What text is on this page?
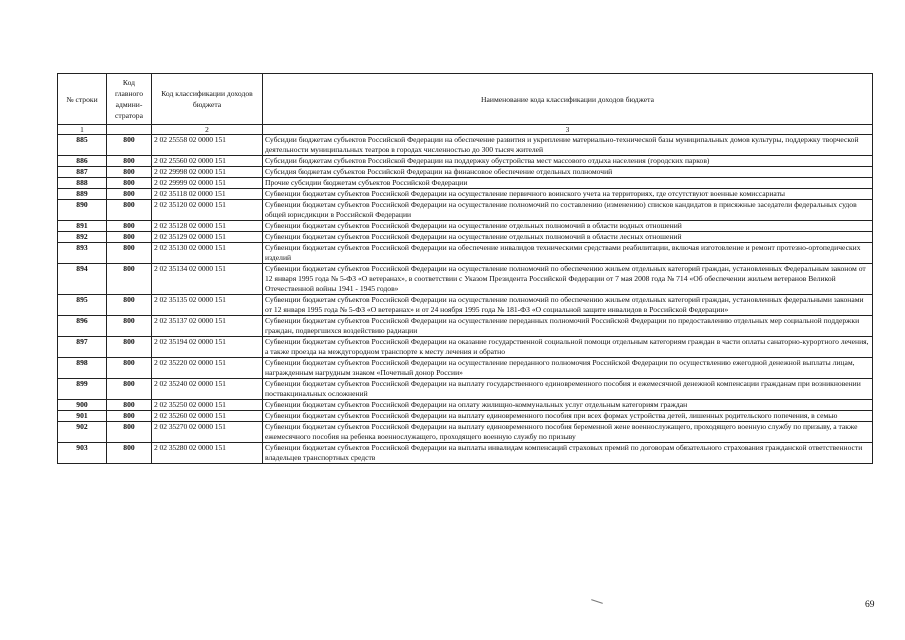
№ строки	Код главного админи- стратора	Код классификации доходов бюджета	Наименование кода классификации доходов бюджета
1		2	3
885	800	2 02 25558 02 0000 151	Субсидии бюджетам субъектов Российской Федерации на обеспечение развития и укрепление материально-технической базы муниципальных домов культуры, поддержку творческой деятельности муниципальных театров в городах численностью до 300 тысяч жителей
886	800	2 02 25560 02 0000 151	Субсидии бюджетам субъектов Российской Федерации на поддержку обустройства мест массового отдыха населения (городских парков)
887	800	2 02 29998 02 0000 151	Субсидия бюджетам субъектов Российской Федерации на финансовое обеспечение отдельных полномочий
888	800	2 02 29999 02 0000 151	Прочие субсидии бюджетам субъектов Российской Федерации
889	800	2 02 35118 02 0000 151	Субвенции бюджетам субъектов Российской Федерации на осуществление первичного воинского учета на территориях, где отсутствуют военные комиссариаты
890	800	2 02 35120 02 0000 151	Субвенции бюджетам субъектов Российской Федерации на осуществление полномочий по составлению (изменению) списков кандидатов в присяжные заседатели федеральных судов общей юрисдикции в Российской Федерации
891	800	2 02 35128 02 0000 151	Субвенции бюджетам субъектов Российской Федерации на осуществление отдельных полномочий в области водных отношений
892	800	2 02 35129 02 0000 151	Субвенции бюджетам субъектов Российской Федерации на осуществление отдельных полномочий в области лесных отношений
893	800	2 02 35130 02 0000 151	Субвенции бюджетам субъектов Российской Федерации на обеспечение инвалидов техническими средствами реабилитации, включая изготовление и ремонт протезно-ортопедических изделий
894	800	2 02 35134 02 0000 151	Субвенции бюджетам субъектов Российской Федерации на осуществление полномочий по обеспечению жильем отдельных категорий граждан, установленных Федеральным законом от 12 января 1995 года № 5-ФЗ «О ветеранах», в соответствии с Указом Президента Российской Федерации от 7 мая 2008 года № 714 «Об обеспечении жильем ветеранов Великой Отечественной войны 1941 - 1945 годов»
895	800	2 02 35135 02 0000 151	Субвенции бюджетам субъектов Российской Федерации на осуществление полномочий по обеспечению жильем отдельных категорий граждан, установленных федеральными законами от 12 января 1995 года № 5-ФЗ «О ветеранах» и от 24 ноября 1995 года № 181-ФЗ «О социальной защите инвалидов в Российской Федерации»
896	800	2 02 35137 02 0000 151	Субвенции бюджетам субъектов Российской Федерации на осуществление переданных полномочий Российской Федерации по предоставлению отдельных мер социальной поддержки граждан, подвергшихся воздействию радиации
897	800	2 02 35194 02 0000 151	Субвенции бюджетам субъектов Российской Федерации на оказание государственной социальной помощи отдельным категориям граждан в части оплаты санаторно-курортного лечения, а также проезда на междугородном транспорте к месту лечения и обратно
898	800	2 02 35220 02 0000 151	Субвенции бюджетам субъектов Российской Федерации на осуществление переданного полномочия Российской Федерации по осуществлению ежегодной денежной выплаты лицам, награжденным нагрудным знаком «Почетный донор России»
899	800	2 02 35240 02 0000 151	Субвенции бюджетам субъектов Российской Федерации на выплату государственного единовременного пособия и ежемесячной денежной компенсации гражданам при возникновении поствакцинальных осложнений
900	800	2 02 35250 02 0000 151	Субвенции бюджетам субъектов Российской Федерации на оплату жилищно-коммунальных услуг отдельным категориям граждан
901	800	2 02 35260 02 0000 151	Субвенции бюджетам субъектов Российской Федерации на выплату единовременного пособия при всех формах устройства детей, лишенных родительского попечения, в семью
902	800	2 02 35270 02 0000 151	Субвенции бюджетам субъектов Российской Федерации на выплату единовременного пособия беременной жене военнослужащего, проходящего военную службу по призыву, а также ежемесячного пособия на ребенка военнослужащего, проходящего военную службу по призыву
903	800	2 02 35280 02 0000 151	Субвенции бюджетам субъектов Российской Федерации на выплаты инвалидам компенсаций страховых премий по договорам обязательного страхования гражданской ответственности владельцев транспортных средств
69
